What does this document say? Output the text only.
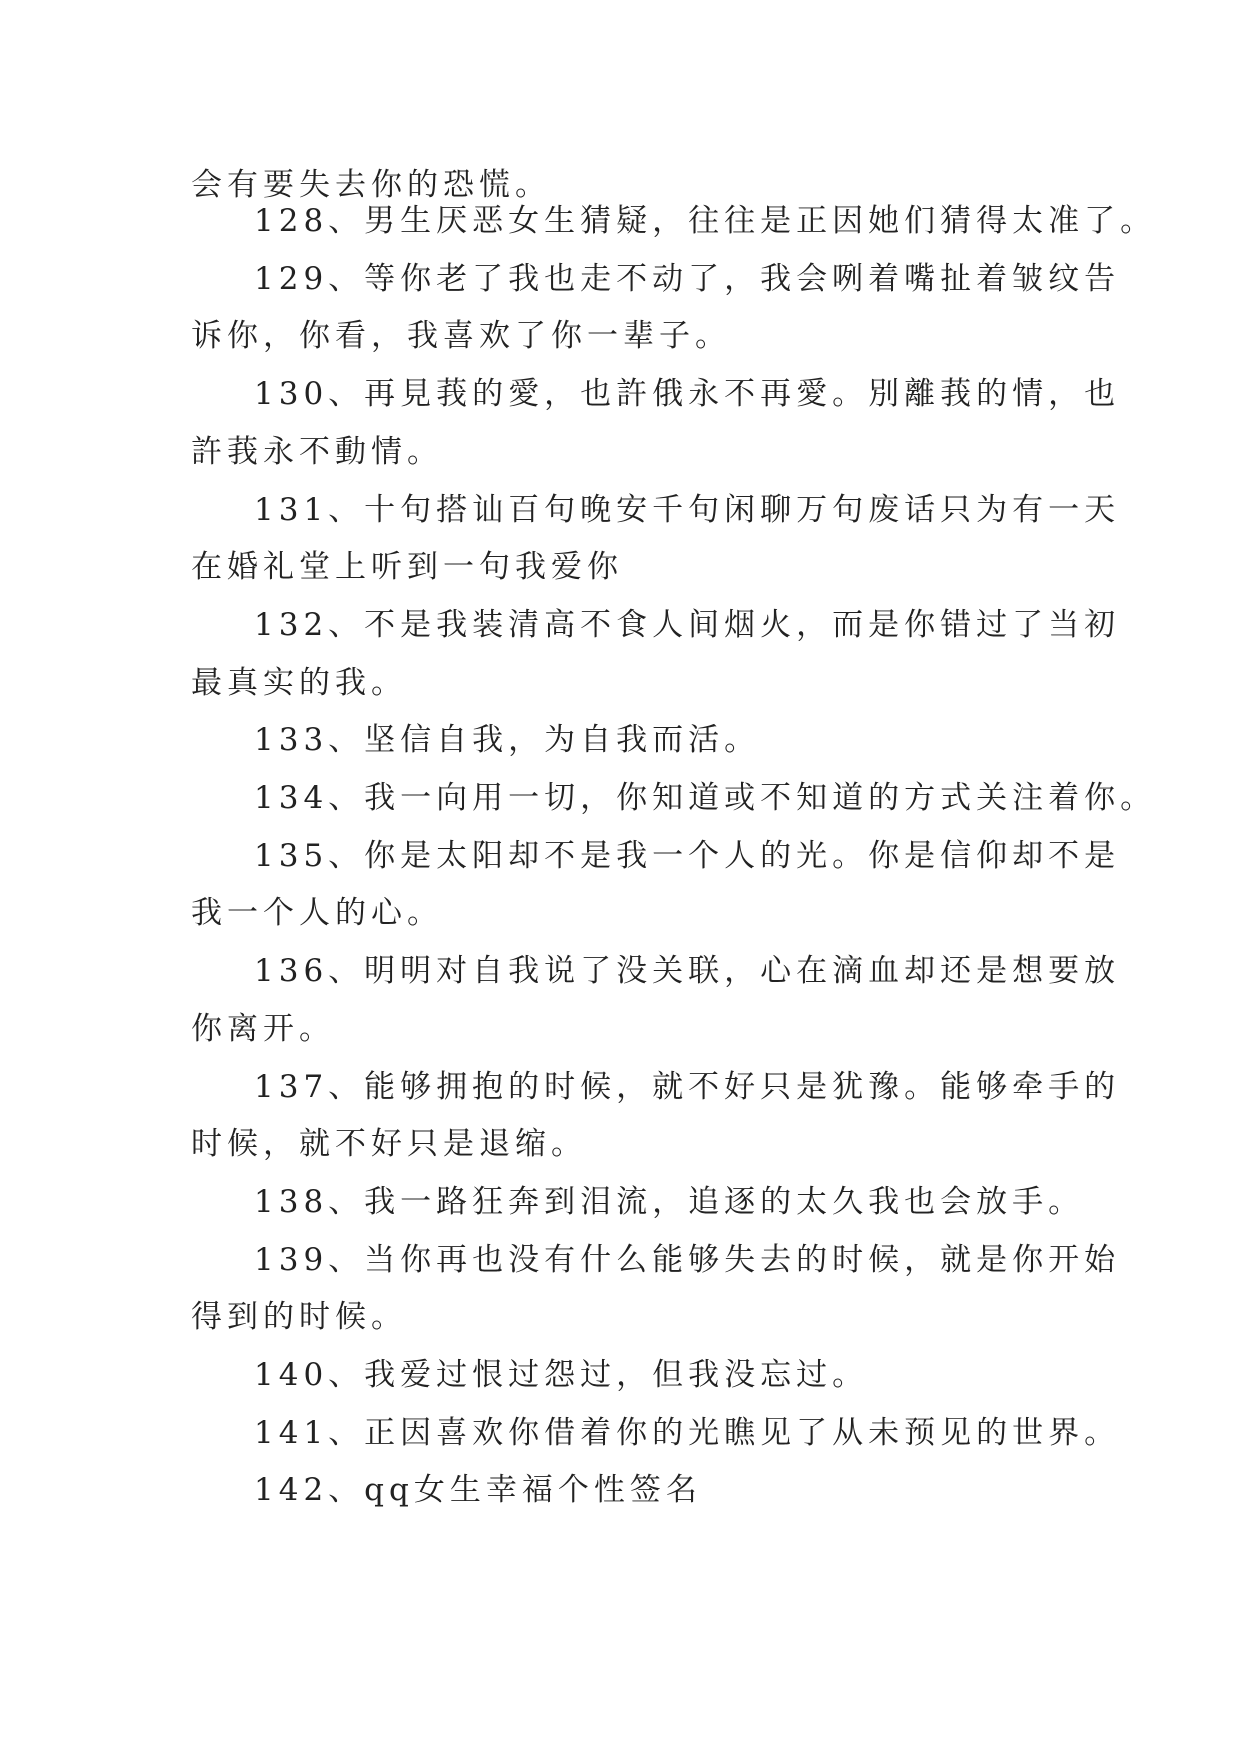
会有要失去你的恐慌。
128、男生厌恶女生猜疑，往往是正因她们猜得太准了。
129、等你老了我也走不动了，我会咧着嘴扯着皱纹告
诉你，你看，我喜欢了你一辈子。
130、再見莪的愛，也許俄永不再愛。別離莪的情，也
許莪永不動情。
131、十句搭讪百句晚安千句闲聊万句废话只为有一天
在婚礼堂上听到一句我爱你
132、不是我装清高不食人间烟火，而是你错过了当初
最真实的我。
133、坚信自我，为自我而活。
134、我一向用一切，你知道或不知道的方式关注着你。
135、你是太阳却不是我一个人的光。你是信仰却不是
我一个人的心。
136、明明对自我说了没关联，心在滴血却还是想要放
你离开。
137、能够拥抱的时候，就不好只是犹豫。能够牵手的
时候，就不好只是退缩。
138、我一路狂奔到泪流，追逐的太久我也会放手。
139、当你再也没有什么能够失去的时候，就是你开始
得到的时候。
140、我爱过恨过怨过，但我没忘过。
141、正因喜欢你借着你的光瞧见了从未预见的世界。
142、qq女生幸福个性签名
